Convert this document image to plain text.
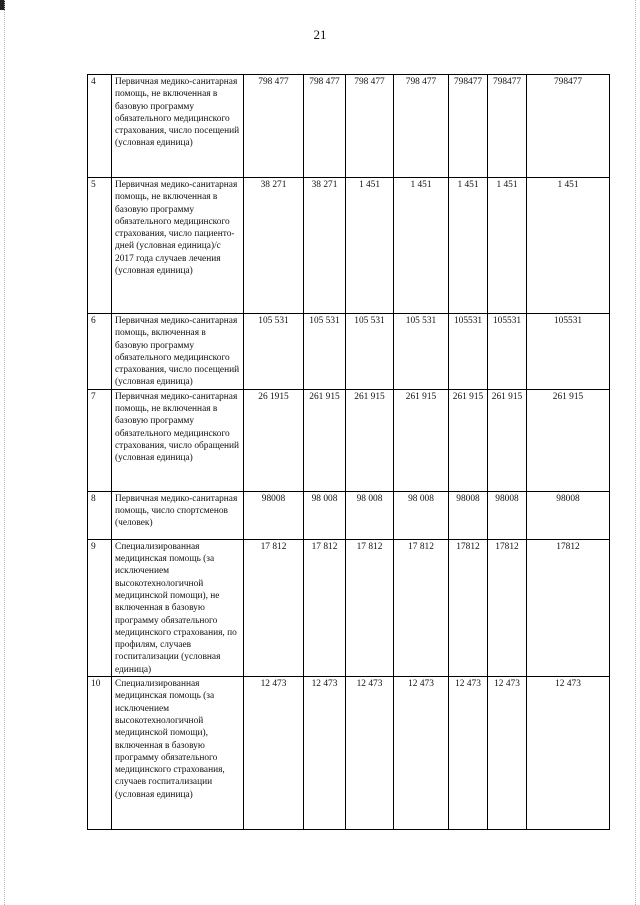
21
4	Первичная медико-санитарная помощь, не включенная в базовую программу обязательного медицинского страхования, число посещений (условная единица)	798 477	798 477	798 477	798 477	798477	798477	798477
5	Первичная медико-санитарная помощь, не включенная в базовую программу обязательного медицинского страхования, число пациенто-дней (условная единица)/с 2017 года случаев лечения (условная единица)	38 271	38 271	1 451	1 451	1 451	1 451	1 451
6	Первичная медико-санитарная помощь, включенная в базовую программу обязательного медицинского страхования, число посещений (условная единица)	105 531	105 531	105 531	105 531	105531	105531	105531
7	Первичная медико-санитарная помощь, не включенная в базовую программу обязательного медицинского страхования, число обращений (условная единица)	26 1915	261 915	261 915	261 915	261 915	261 915	261 915
8	Первичная медико-санитарная помощь, число спортсменов (человек)	98008	98 008	98 008	98 008	98008	98008	98008
9	Специализированная медицинская помощь (за исключением высокотехнологичной медицинской помощи), не включенная в базовую программу обязательного медицинского страхования, по профилям, случаев госпитализации (условная единица)	17 812	17 812	17 812	17 812	17812	17812	17812
10	Специализированная медицинская помощь (за исключением высокотехнологичной медицинской помощи), включенная в базовую программу обязательного медицинского страхования, случаев госпитализации (условная единица)	12 473	12 473	12 473	12 473	12 473	12 473	12 473
